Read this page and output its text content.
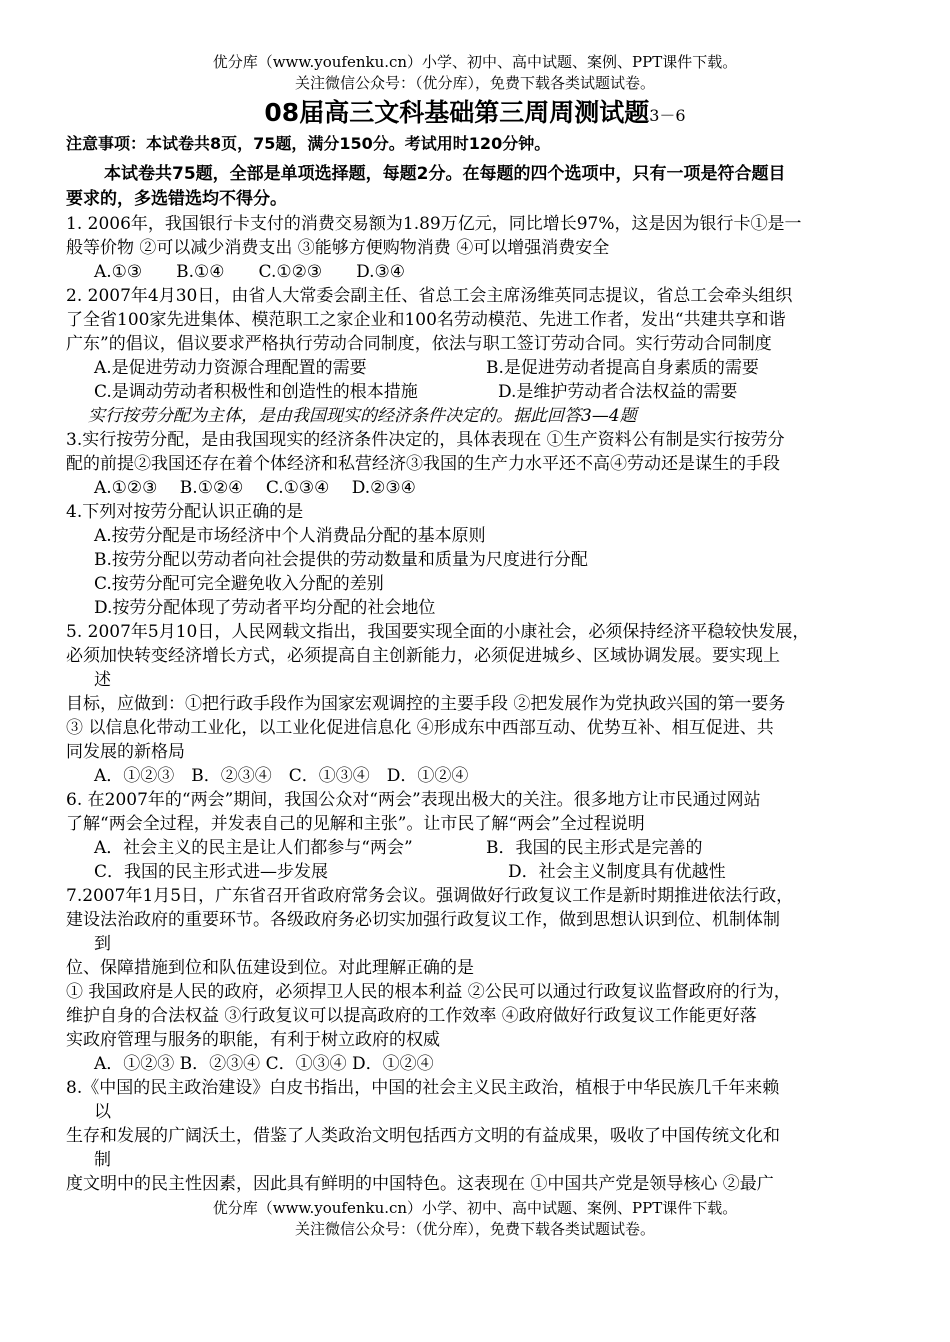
优分库（www.youfenku.cn）小学、初中、高中试题、案例、PPT课件下载。
关注微信公众号：（优分库），免费下载各类试题试卷。
08届高三文科基础第三周周测试题3－6
注意事项：本试卷共8页，75题，满分150分。考试用时120分钟。
本试卷共75题，全部是单项选择题，每题2分。在每题的四个选项中，只有一项是符合题目
要求的，多选错选均不得分。
1. 2006年，我国银行卡支付的消费交易额为1.89万亿元，同比增长97%，这是因为银行卡①是一
般等价物 ②可以减少消费支出 ③能够方便购物消费 ④可以增强消费安全
A.①③　　B.①④　　C.①②③　　D.③④
2. 2007年4月30日，由省人大常委会副主任、省总工会主席汤维英同志提议，省总工会牵头组织
了全省100家先进集体、模范职工之家企业和100名劳动模范、先进工作者，发出“共建共享和谐
广东”的倡议，倡议要求严格执行劳动合同制度，依法与职工签订劳动合同。实行劳动合同制度
A.是促进劳动力资源合理配置的需要	B.是促进劳动者提高自身素质的需要
C.是调动劳动者积极性和创造性的根本措施	D.是维护劳动者合法权益的需要
实行按劳分配为主体，是由我国现实的经济条件决定的。据此回答3—4题
3.实行按劳分配，是由我国现实的经济条件决定的，具体表现在 ①生产资料公有制是实行按劳分
配的前提②我国还存在着个体经济和私营经济③我国的生产力水平还不高④劳动还是谋生的手段
A.①②③　 B.①②④　 C.①③④　 D.②③④
4.下列对按劳分配认识正确的是
A.按劳分配是市场经济中个人消费品分配的基本原则
B.按劳分配以劳动者向社会提供的劳动数量和质量为尺度进行分配
C.按劳分配可完全避免收入分配的差别
D.按劳分配体现了劳动者平均分配的社会地位
5. 2007年5月10日，人民网载文指出，我国要实现全面的小康社会，必须保持经济平稳较快发展，
必须加快转变经济增长方式，必须提高自主创新能力，必须促进城乡、区域协调发展。要实现上
述
目标，应做到：①把行政手段作为国家宏观调控的主要手段 ②把发展作为党执政兴国的第一要务
③ 以信息化带动工业化，以工业化促进信息化 ④形成东中西部互动、优势互补、相互促进、共
同发展的新格局
A．①②③　B．②③④　C．①③④　D．①②④
6. 在2007年的“两会”期间，我国公众对“两会”表现出极大的关注。很多地方让市民通过网站
了解“两会全过程，并发表自己的见解和主张”。让市民了解“两会”全过程说明
A．社会主义的民主是让人们都参与“两会”	B．我国的民主形式是完善的
C．我国的民主形式进—步发展	D．社会主义制度具有优越性
7.2007年1月5日，广东省召开省政府常务会议。强调做好行政复议工作是新时期推进依法行政，
建设法治政府的重要环节。各级政府务必切实加强行政复议工作，做到思想认识到位、机制体制
到
位、保障措施到位和队伍建设到位。对此理解正确的是
① 我国政府是人民的政府，必须捍卫人民的根本利益 ②公民可以通过行政复议监督政府的行为，
维护自身的合法权益 ③行政复议可以提高政府的工作效率 ④政府做好行政复议工作能更好落
实政府管理与服务的职能，有利于树立政府的权威
A．①②③ B．②③④ C．①③④ D．①②④
8.《中国的民主政治建设》白皮书指出，中国的社会主义民主政治，植根于中华民族几千年来赖
以
生存和发展的广阔沃土，借鉴了人类政治文明包括西方文明的有益成果，吸收了中国传统文化和
制
度文明中的民主性因素，因此具有鲜明的中国特色。这表现在 ①中国共产党是领导核心 ②最广
优分库（www.youfenku.cn）小学、初中、高中试题、案例、PPT课件下载。
关注微信公众号：（优分库），免费下载各类试题试卷。
